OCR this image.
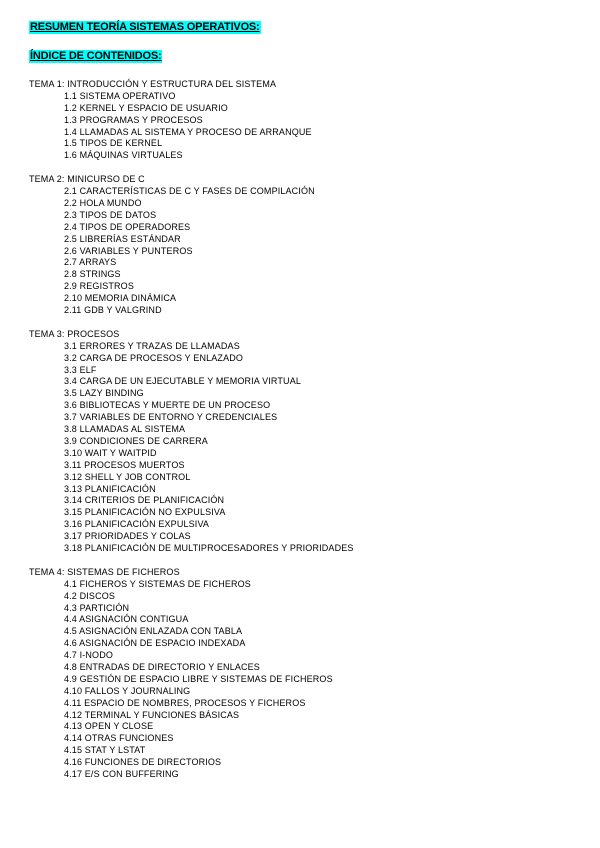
RESUMEN TEORÍA SISTEMAS OPERATIVOS:
ÍNDICE DE CONTENIDOS:
TEMA 1: INTRODUCCIÓN Y ESTRUCTURA DEL SISTEMA
1.1 SISTEMA OPERATIVO
1.2 KERNEL Y ESPACIO DE USUARIO
1.3 PROGRAMAS Y PROCESOS
1.4 LLAMADAS AL SISTEMA Y PROCESO DE ARRANQUE
1.5 TIPOS DE KERNEL
1.6 MÁQUINAS VIRTUALES
TEMA 2: MINICURSO DE C
2.1 CARACTERÍSTICAS DE C Y FASES DE COMPILACIÓN
2.2 HOLA MUNDO
2.3 TIPOS DE DATOS
2.4 TIPOS DE OPERADORES
2.5 LIBRERÍAS ESTÁNDAR
2.6 VARIABLES Y PUNTEROS
2.7 ARRAYS
2.8 STRINGS
2.9 REGISTROS
2.10 MEMORIA DINÁMICA
2.11 GDB Y VALGRIND
TEMA 3: PROCESOS
3.1 ERRORES Y TRAZAS DE LLAMADAS
3.2 CARGA DE PROCESOS Y ENLAZADO
3.3 ELF
3.4 CARGA DE UN EJECUTABLE Y MEMORIA VIRTUAL
3.5 LAZY BINDING
3.6 BIBLIOTECAS Y MUERTE DE UN PROCESO
3.7 VARIABLES DE ENTORNO Y CREDENCIALES
3.8 LLAMADAS AL SISTEMA
3.9 CONDICIONES DE CARRERA
3.10 WAIT Y WAITPID
3.11 PROCESOS MUERTOS
3.12 SHELL Y JOB CONTROL
3.13 PLANIFICACIÓN
3.14 CRITERIOS DE PLANIFICACIÓN
3.15 PLANIFICACIÓN NO EXPULSIVA
3.16 PLANIFICACIÓN EXPULSIVA
3.17 PRIORIDADES Y COLAS
3.18 PLANIFICACIÓN DE MULTIPROCESADORES Y PRIORIDADES
TEMA 4: SISTEMAS DE FICHEROS
4.1 FICHEROS Y SISTEMAS DE FICHEROS
4.2 DISCOS
4.3 PARTICIÓN
4.4 ASIGNACIÓN CONTIGUA
4.5 ASIGNACIÓN ENLAZADA CON TABLA
4.6 ASIGNACIÓN DE ESPACIO INDEXADA
4.7 I-NODO
4.8 ENTRADAS DE DIRECTORIO Y ENLACES
4.9 GESTIÓN DE ESPACIO LIBRE Y SISTEMAS DE FICHEROS
4.10 FALLOS Y JOURNALING
4.11 ESPACIO DE NOMBRES, PROCESOS Y FICHEROS
4.12 TERMINAL Y FUNCIONES BÁSICAS
4.13 OPEN Y CLOSE
4.14 OTRAS FUNCIONES
4.15 STAT Y LSTAT
4.16 FUNCIONES DE DIRECTORIOS
4.17 E/S CON BUFFERING
